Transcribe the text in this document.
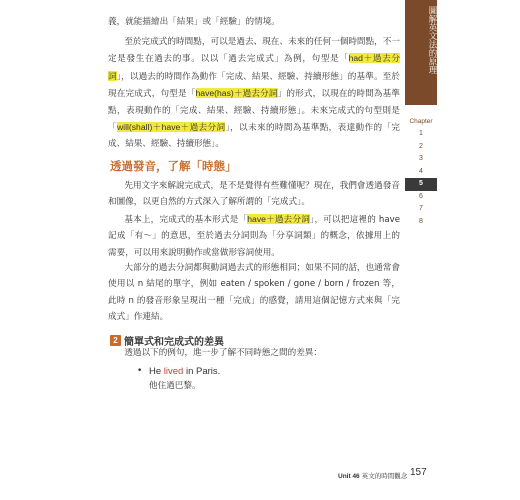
圖解英文法的原理
Chapter
1
2
3
4
5
6
7
8

義，就能描繪出「結果」或「經驗」的情境。

至於完成式的時間點，可以是過去、現在、未來的任何一個時間點，不一定是發生在過去的事。以以「過去完成式」為例，句型是「had＋過去分詞」，以過去的時間作為動作「完成、結果、經驗、持續形態」的基準。至於現在完成式，句型是「have(has)＋過去分詞」的形式，以現在的時間為基準點，表現動作的「完成、結果、經驗、持續形態」。未來完成式的句型則是「will(shall)＋have＋過去分詞」，以未來的時間為基準點，表達動作的「完成、結果、經驗、持續形態」。

透過發音，了解「時態」

先用文字來解說完成式，是不是覺得有些難懂呢？現在，我們會透過發音和圖像，以更自然的方式深入了解所謂的「完成式」。

基本上，完成式的基本形式是「have＋過去分詞」，可以把這裡的 have 記成「有～」的意思，至於過去分詞則為「分享詞類」的概念，依據用上的需要，可以用來說明動作或當做形容詞使用。

大部分的過去分詞都與動詞過去式的形態相同；如果不同的話，也通常會使用以 n 結尾的單字，例如 eaten / spoken / gone / born / frozen 等，此時 n 的發音形象呈現出一種「完成」的感覺，請用這個記憶方式來與「完成式」作連結。

2 簡單式和完成式的差異

透過以下的例句，進一步了解不同時態之間的差異：

• He lived in Paris.
他住過巴黎。
Unit 46 英文的時間觀念 157
